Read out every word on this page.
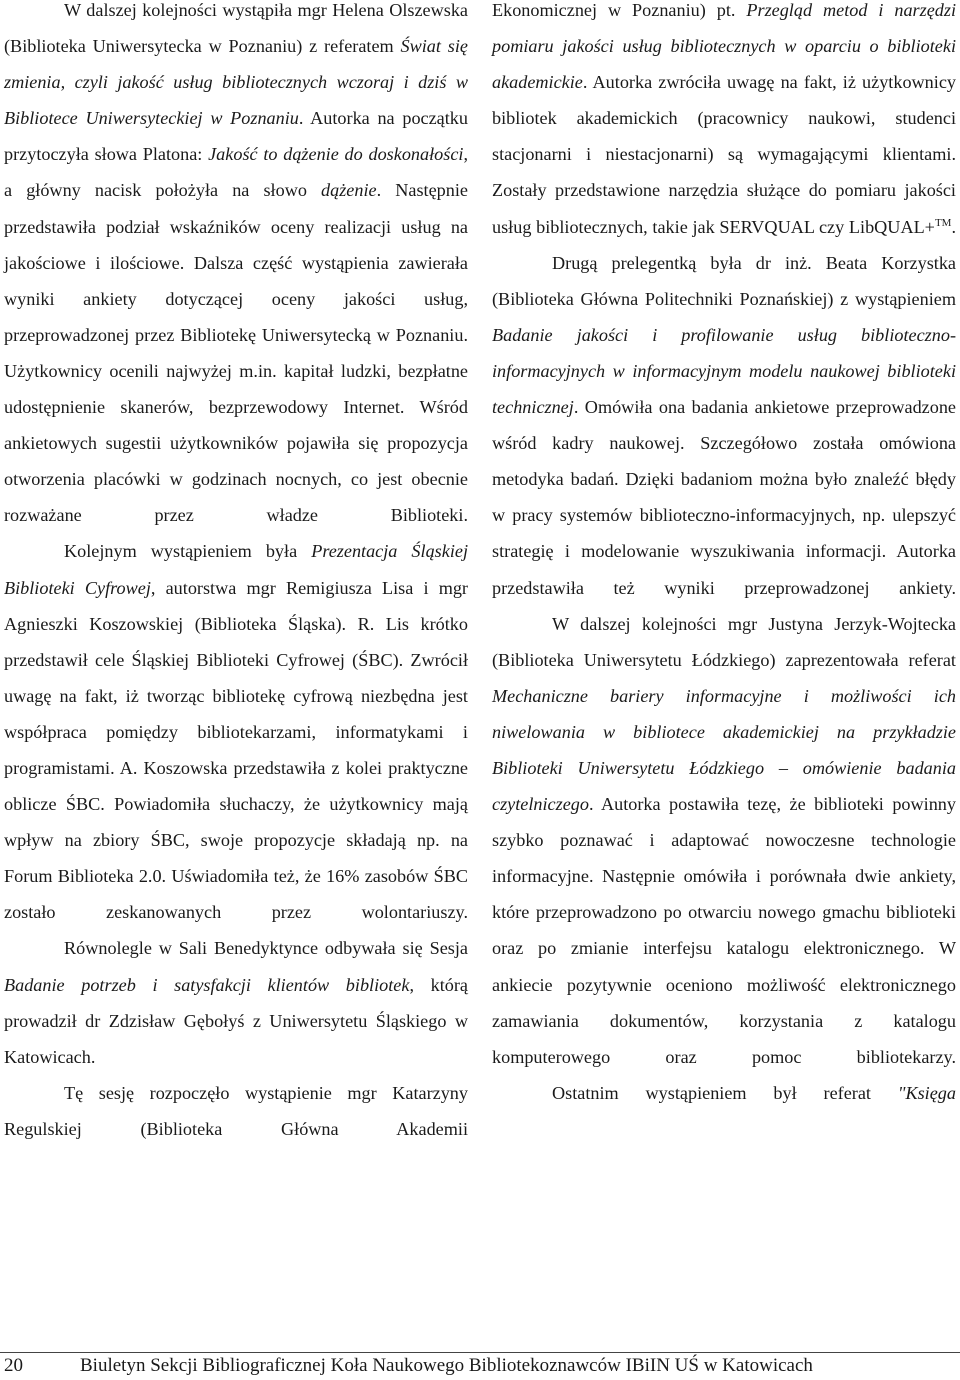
W dalszej kolejności wystąpiła mgr Helena Olszewska (Biblioteka Uniwersytecka w Poznaniu) z referatem Świat się zmienia, czyli jakość usług bibliotecznych wczoraj i dziś w Bibliotece Uniwersyteckiej w Poznaniu. Autorka na początku przytoczyła słowa Platona: Jakość to dążenie do doskonałości, a główny nacisk położyła na słowo dążenie. Następnie przedstawiła podział wskaźników oceny realizacji usług na jakościowe i ilościowe. Dalsza część wystąpienia zawierała wyniki ankiety dotyczącej oceny jakości usług, przeprowadzonej przez Bibliotekę Uniwersytecką w Poznaniu. Użytkownicy ocenili najwyżej m.in. kapitał ludzki, bezpłatne udostępnienie skanerów, bezprzewodowy Internet. Wśród ankietowych sugestii użytkowników pojawiła się propozycja otworzenia placówki w godzinach nocnych, co jest obecnie rozważane przez władze Biblioteki.

Kolejnym wystąpieniem była Prezentacja Śląskiej Biblioteki Cyfrowej, autorstwa mgr Remigiusza Lisa i mgr Agnieszki Koszowskiej (Biblioteka Śląska). R. Lis krótko przedstawił cele Śląskiej Biblioteki Cyfrowej (ŚBC). Zwrócił uwagę na fakt, iż tworząc bibliotekę cyfrową niezbędna jest współpraca pomiędzy bibliotekarzami, informatykami i programistami. A. Koszowska przedstawiła z kolei praktyczne oblicze ŚBC. Powiadomiła słuchaczy, że użytkownicy mają wpływ na zbiory ŚBC, swoje propozycje składają np. na Forum Biblioteka 2.0. Uświadomiła też, że 16% zasobów ŚBC zostało zeskanowanych przez wolontariuszy.

Równolegle w Sali Benedyktynce odbywała się Sesja Badanie potrzeb i satysfakcji klientów bibliotek, którą prowadził dr Zdzisław Gębołyś z Uniwersytetu Śląskiego w Katowicach.

Tę sesję rozpoczęło wystąpienie mgr Katarzyny Regulskiej (Biblioteka Główna Akademii

Ekonomicznej w Poznaniu) pt. Przegląd metod i narzędzi pomiaru jakości usług bibliotecznych w oparciu o biblioteki akademickie. Autorka zwróciła uwagę na fakt, iż użytkownicy bibliotek akademickich (pracownicy naukowi, studenci stacjonarni i niestacjonarni) są wymagającymi klientami. Zostały przedstawione narzędzia służące do pomiaru jakości usług bibliotecznych, takie jak SERVQUAL czy LibQUAL+™.

Drugą prelegentką była dr inż. Beata Korzystka (Biblioteka Główna Politechniki Poznańskiej) z wystąpieniem Badanie jakości i profilowanie usług biblioteczno-informacyjnych w informacyjnym modelu naukowej biblioteki technicznej. Omówiła ona badania ankietowe przeprowadzone wśród kadry naukowej. Szczegółowo została omówiona metodyka badań. Dzięki badaniom można było znaleźć błędy w pracy systemów biblioteczno-informacyjnych, np. ulepszyć strategię i modelowanie wyszukiwania informacji. Autorka przedstawiła też wyniki przeprowadzonej ankiety.

W dalszej kolejności mgr Justyna Jerzyk-Wojtecka (Biblioteka Uniwersytetu Łódzkiego) zaprezentowała referat Mechaniczne bariery informacyjne i możliwości ich niwelowania w bibliotece akademickiej na przykładzie Biblioteki Uniwersytetu Łódzkiego – omówienie badania czytelniczego. Autorka postawiła tezę, że biblioteki powinny szybko poznawać i adaptować nowoczesne technologie informacyjne. Następnie omówiła i porównała dwie ankiety, które przeprowadzono po otwarciu nowego gmachu biblioteki oraz po zmianie interfejsu katalogu elektronicznego. W ankiecie pozytywnie oceniono możliwość elektronicznego zamawiania dokumentów, korzystania z katalogu komputerowego oraz pomoc bibliotekarzy.

Ostatnim wystąpieniem był referat "Księga

20	Biuletyn Sekcji Bibliograficznej Koła Naukowego Bibliotekoznawców IBiIN UŚ w Katowicach
